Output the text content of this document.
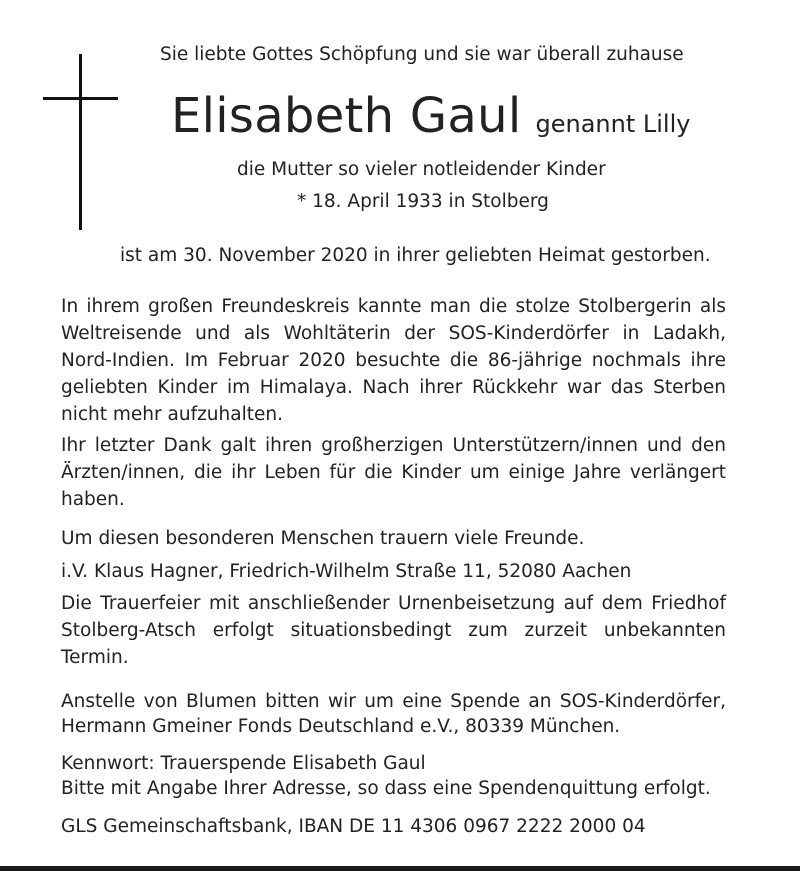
Sie liebte Gottes Schöpfung und sie war überall zuhause
Elisabeth Gaul genannt Lilly
die Mutter so vieler notleidender Kinder
* 18. April 1933 in Stolberg
ist am 30. November 2020 in ihrer geliebten Heimat gestorben.
In ihrem großen Freundeskreis kannte man die stolze Stolbergerin als Weltreisende und als Wohltäterin der SOS-Kinderdörfer in Ladakh, Nord-Indien. Im Februar 2020 besuchte die 86-jährige nochmals ihre geliebten Kinder im Himalaya. Nach ihrer Rückkehr war das Sterben nicht mehr aufzuhalten.
Ihr letzter Dank galt ihren großherzigen Unterstützern/innen und den Ärzten/innen, die ihr Leben für die Kinder um einige Jahre verlängert haben.
Um diesen besonderen Menschen trauern viele Freunde.
i.V. Klaus Hagner, Friedrich-Wilhelm Straße 11, 52080 Aachen
Die Trauerfeier mit anschließender Urnenbeisetzung auf dem Friedhof Stolberg-Atsch erfolgt situationsbedingt zum zurzeit unbekannten Termin.
Anstelle von Blumen bitten wir um eine Spende an SOS-Kinderdörfer, Hermann Gmeiner Fonds Deutschland e.V., 80339 München.
Kennwort: Trauerspende Elisabeth Gaul
Bitte mit Angabe Ihrer Adresse, so dass eine Spendenquittung erfolgt.
GLS Gemeinschaftsbank, IBAN DE 11 4306 0967 2222 2000 04
